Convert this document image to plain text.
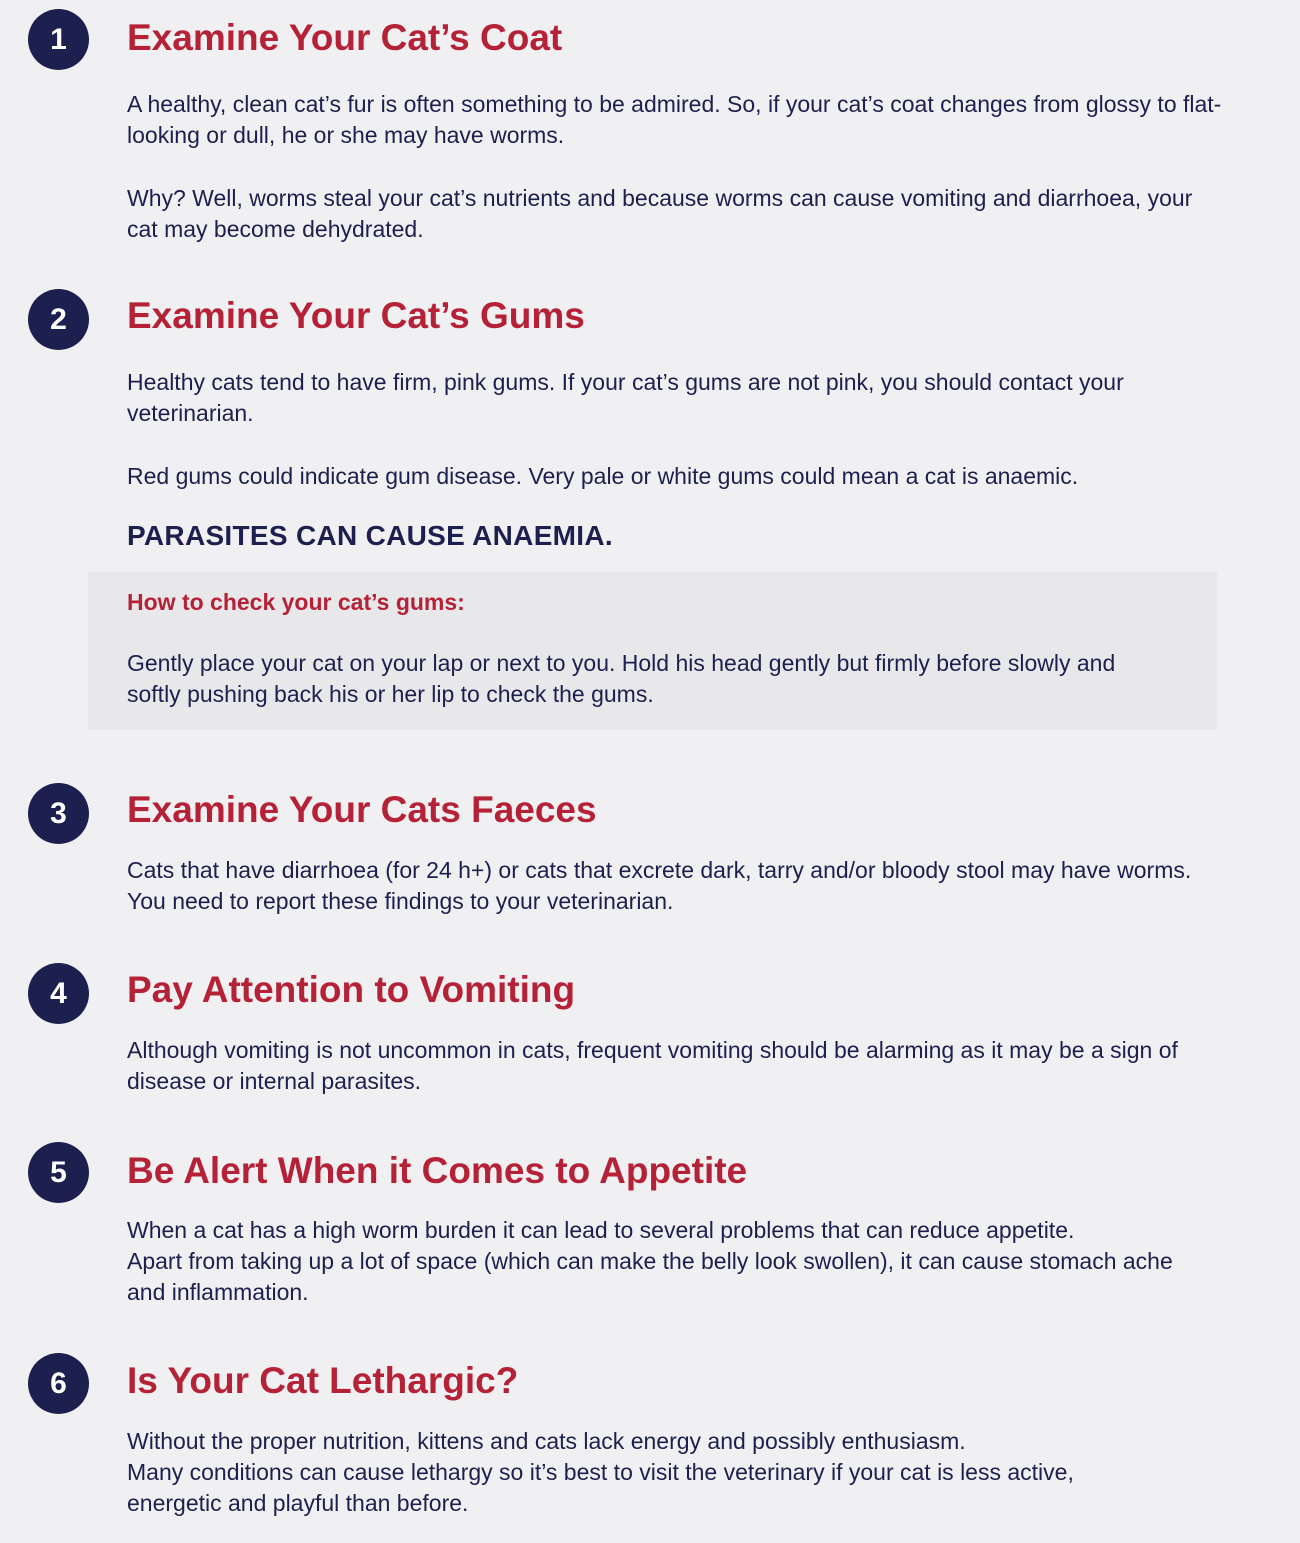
1	Examine Your Cat’s Coat

A healthy, clean cat’s fur is often something to be admired. So, if your cat’s coat changes from glossy to flat-looking or dull, he or she may have worms.

Why? Well, worms steal your cat’s nutrients and because worms can cause vomiting and diarrhoea, your cat may become dehydrated.

2	Examine Your Cat’s Gums

Healthy cats tend to have firm, pink gums. If your cat’s gums are not pink, you should contact your veterinarian.

Red gums could indicate gum disease. Very pale or white gums could mean a cat is anaemic.

PARASITES CAN CAUSE ANAEMIA.

How to check your cat’s gums:

Gently place your cat on your lap or next to you. Hold his head gently but firmly before slowly and softly pushing back his or her lip to check the gums.

3	Examine Your Cats Faeces

Cats that have diarrhoea (for 24 h+) or cats that excrete dark, tarry and/or bloody stool may have worms. You need to report these findings to your veterinarian.

4	Pay Attention to Vomiting

Although vomiting is not uncommon in cats, frequent vomiting should be alarming as it may be a sign of disease or internal parasites.

5	Be Alert When it Comes to Appetite

When a cat has a high worm burden it can lead to several problems that can reduce appetite.

Apart from taking up a lot of space (which can make the belly look swollen), it can cause stomach ache and inflammation.

6	Is Your Cat Lethargic?

Without the proper nutrition, kittens and cats lack energy and possibly enthusiasm.

Many conditions can cause lethargy so it’s best to visit the veterinary if your cat is less active, energetic and playful than before.
